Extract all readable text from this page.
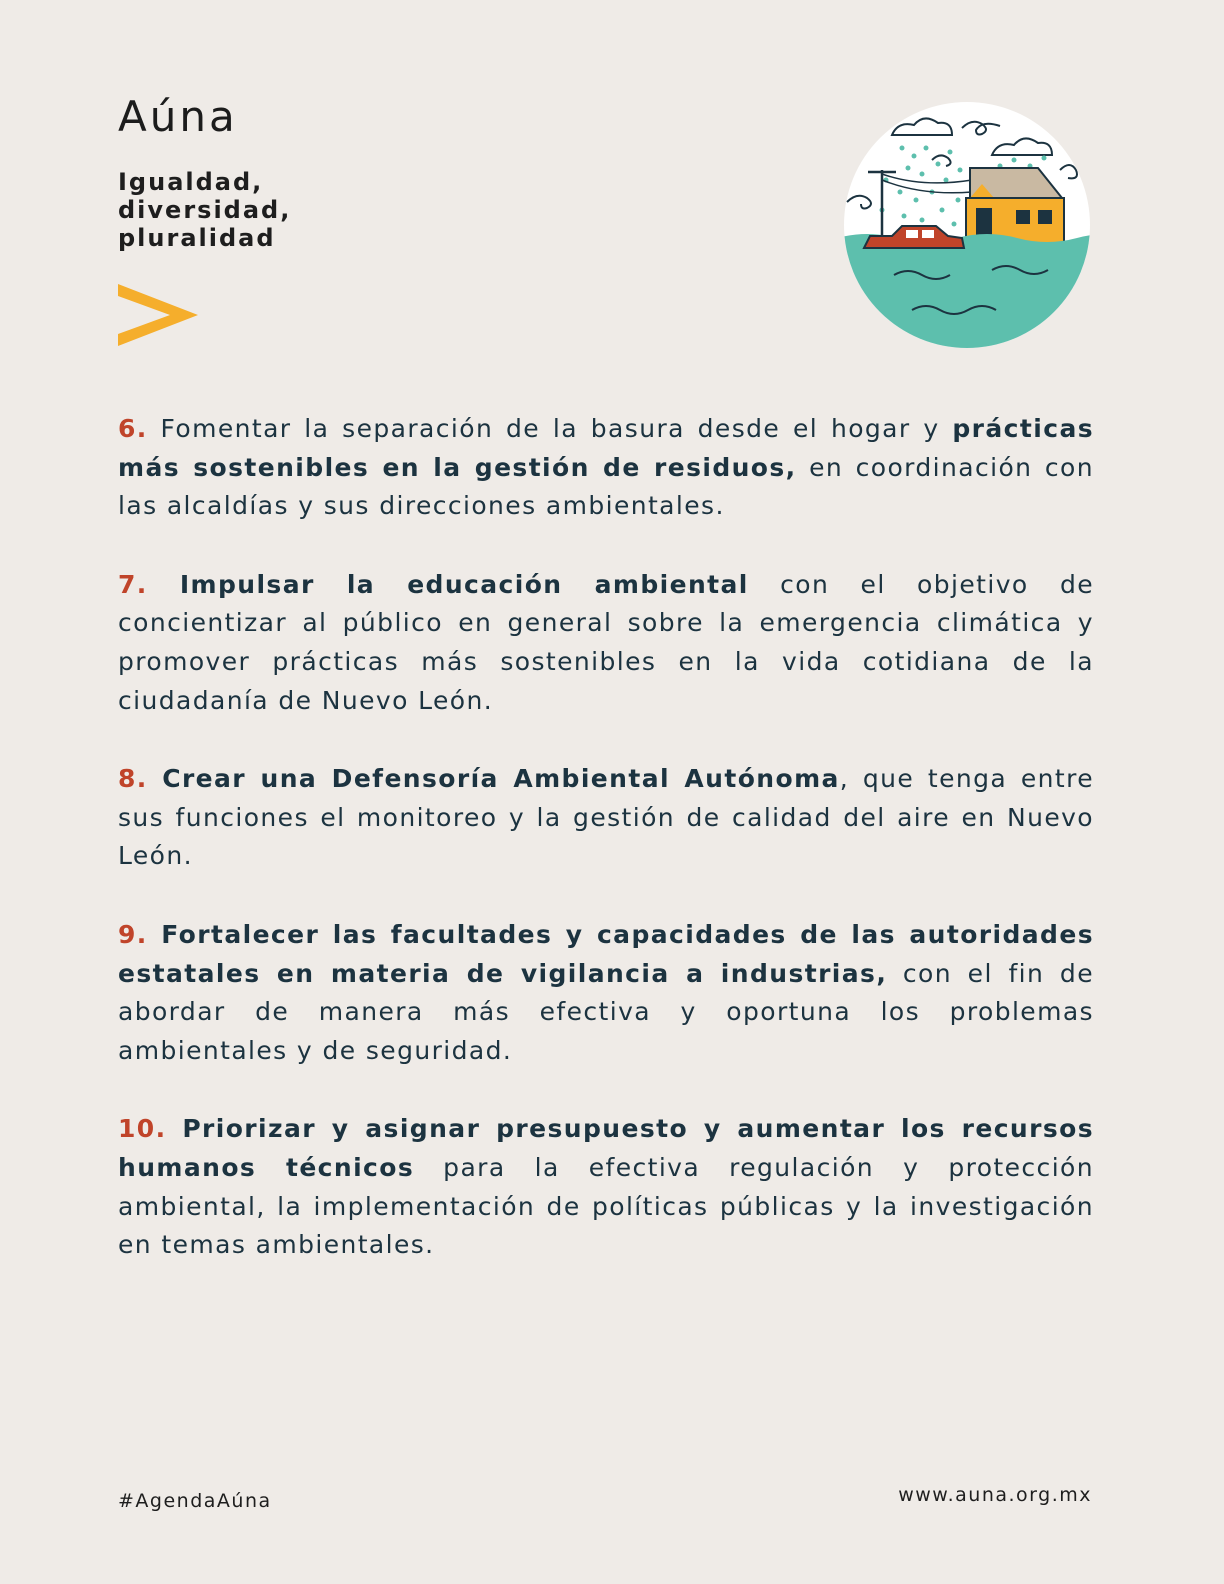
Aúna
Igualdad,
diversidad,
pluralidad

6. Fomentar la separación de la basura desde el hogar y prácticas más sostenibles en la gestión de residuos, en coordinación con las alcaldías y sus direcciones ambientales.

7. Impulsar la educación ambiental con el objetivo de concientizar al público en general sobre la emergencia climática y promover prácticas más sostenibles en la vida cotidiana de la ciudadanía de Nuevo León.

8. Crear una Defensoría Ambiental Autónoma, que tenga entre sus funciones el monitoreo y la gestión de calidad del aire en Nuevo León.

9. Fortalecer las facultades y capacidades de las autoridades estatales en materia de vigilancia a industrias, con el fin de abordar de manera más efectiva y oportuna los problemas ambientales y de seguridad.

10. Priorizar y asignar presupuesto y aumentar los recursos humanos técnicos para la efectiva regulación y protección ambiental, la implementación de políticas públicas y la investigación en temas ambientales.

#AgendaAúna	www.auna.org.mx
